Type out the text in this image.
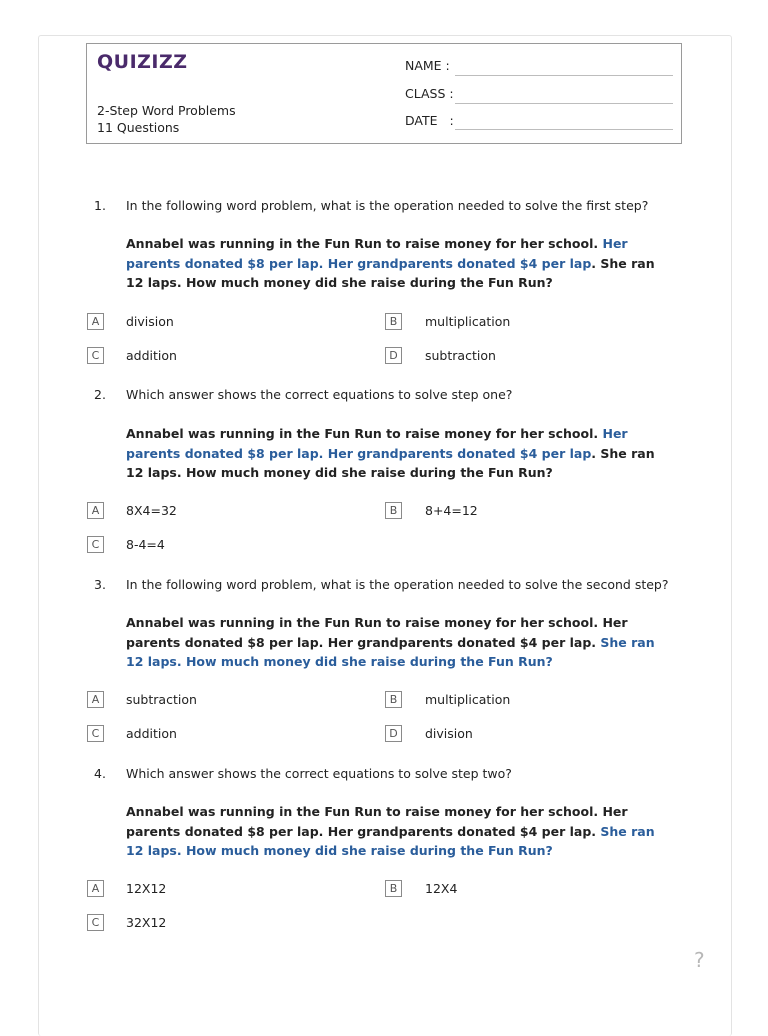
QUIZIZZ
2-Step Word Problems
11 Questions
NAME :
CLASS :
DATE   :
1. In the following word problem, what is the operation needed to solve the first step?
Annabel was running in the Fun Run to raise money for her school. Her parents donated $8 per lap. Her grandparents donated $4 per lap. She ran 12 laps. How much money did she raise during the Fun Run?
A	division	B	multiplication
C	addition	D	subtraction
2. Which answer shows the correct equations to solve step one?
Annabel was running in the Fun Run to raise money for her school. Her parents donated $8 per lap. Her grandparents donated $4 per lap. She ran 12 laps. How much money did she raise during the Fun Run?
A	8X4=32	B	8+4=12
C	8-4=4
3. In the following word problem, what is the operation needed to solve the second step?
Annabel was running in the Fun Run to raise money for her school. Her parents donated $8 per lap. Her grandparents donated $4 per lap. She ran 12 laps. How much money did she raise during the Fun Run?
A	subtraction	B	multiplication
C	addition	D	division
4. Which answer shows the correct equations to solve step two?
Annabel was running in the Fun Run to raise money for her school. Her parents donated $8 per lap. Her grandparents donated $4 per lap. She ran 12 laps. How much money did she raise during the Fun Run?
A	12X12	B	12X4
C	32X12
?
